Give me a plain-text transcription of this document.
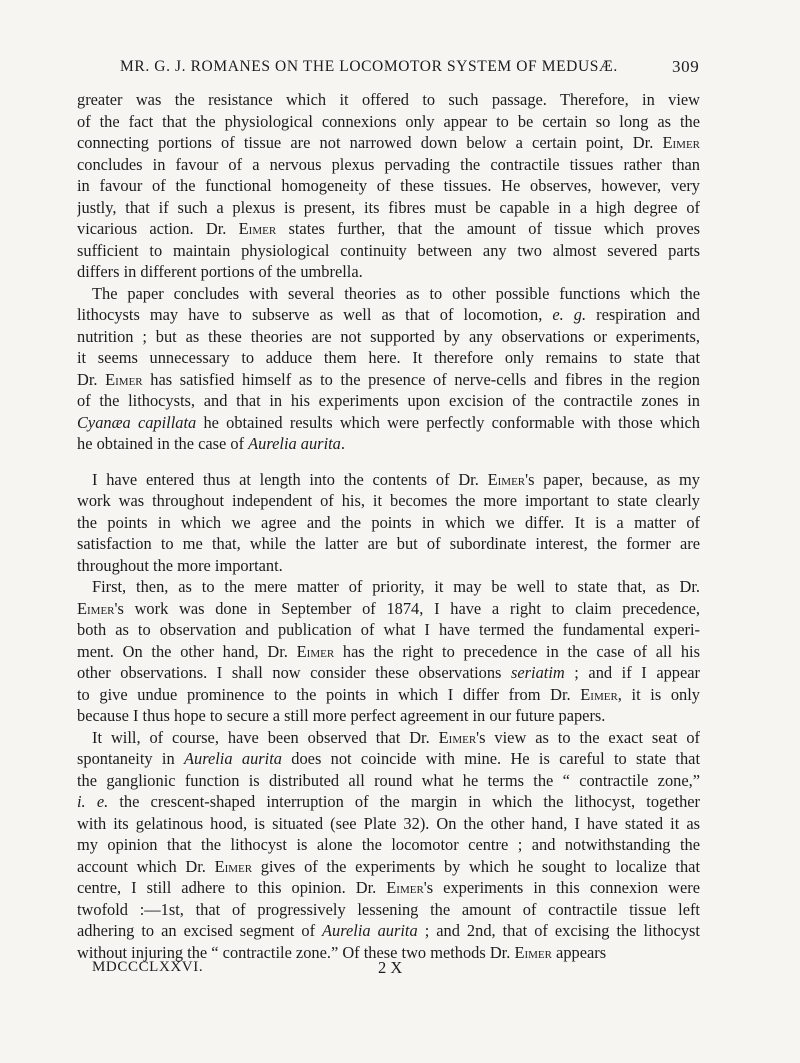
MR. G. J. ROMANES ON THE LOCOMOTOR SYSTEM OF MEDUSÆ.	309
greater was the resistance which it offered to such passage. Therefore, in view
of the fact that the physiological connexions only appear to be certain so long as the
connecting portions of tissue are not narrowed down below a certain point, Dr. Eimer
concludes in favour of a nervous plexus pervading the contractile tissues rather than
in favour of the functional homogeneity of these tissues. He observes, however, very
justly, that if such a plexus is present, its fibres must be capable in a high degree of
vicarious action. Dr. Eimer states further, that the amount of tissue which proves
sufficient to maintain physiological continuity between any two almost severed parts
differs in different portions of the umbrella.
The paper concludes with several theories as to other possible functions which the
lithocysts may have to subserve as well as that of locomotion, e. g. respiration and
nutrition ; but as these theories are not supported by any observations or experiments,
it seems unnecessary to adduce them here. It therefore only remains to state that
Dr. Eimer has satisfied himself as to the presence of nerve-cells and fibres in the region
of the lithocysts, and that in his experiments upon excision of the contractile zones in
Cyanæa capillata he obtained results which were perfectly conformable with those which
he obtained in the case of Aurelia aurita.
I have entered thus at length into the contents of Dr. Eimer's paper, because, as my
work was throughout independent of his, it becomes the more important to state clearly
the points in which we agree and the points in which we differ. It is a matter of
satisfaction to me that, while the latter are but of subordinate interest, the former are
throughout the more important.
First, then, as to the mere matter of priority, it may be well to state that, as Dr.
Eimer's work was done in September of 1874, I have a right to claim precedence,
both as to observation and publication of what I have termed the fundamental experi-
ment. On the other hand, Dr. Eimer has the right to precedence in the case of all his
other observations. I shall now consider these observations seriatim ; and if I appear
to give undue prominence to the points in which I differ from Dr. Eimer, it is only
because I thus hope to secure a still more perfect agreement in our future papers.
It will, of course, have been observed that Dr. Eimer's view as to the exact seat of
spontaneity in Aurelia aurita does not coincide with mine. He is careful to state that
the ganglionic function is distributed all round what he terms the “ contractile zone,”
i. e. the crescent-shaped interruption of the margin in which the lithocyst, together
with its gelatinous hood, is situated (see Plate 32). On the other hand, I have stated it as
my opinion that the lithocyst is alone the locomotor centre ; and notwithstanding the
account which Dr. Eimer gives of the experiments by which he sought to localize that
centre, I still adhere to this opinion. Dr. Eimer's experiments in this connexion were
twofold :—1st, that of progressively lessening the amount of contractile tissue left
adhering to an excised segment of Aurelia aurita ; and 2nd, that of excising the lithocyst
without injuring the “ contractile zone.” Of these two methods Dr. Eimer appears
MDCCCLXXVI.	2 X
